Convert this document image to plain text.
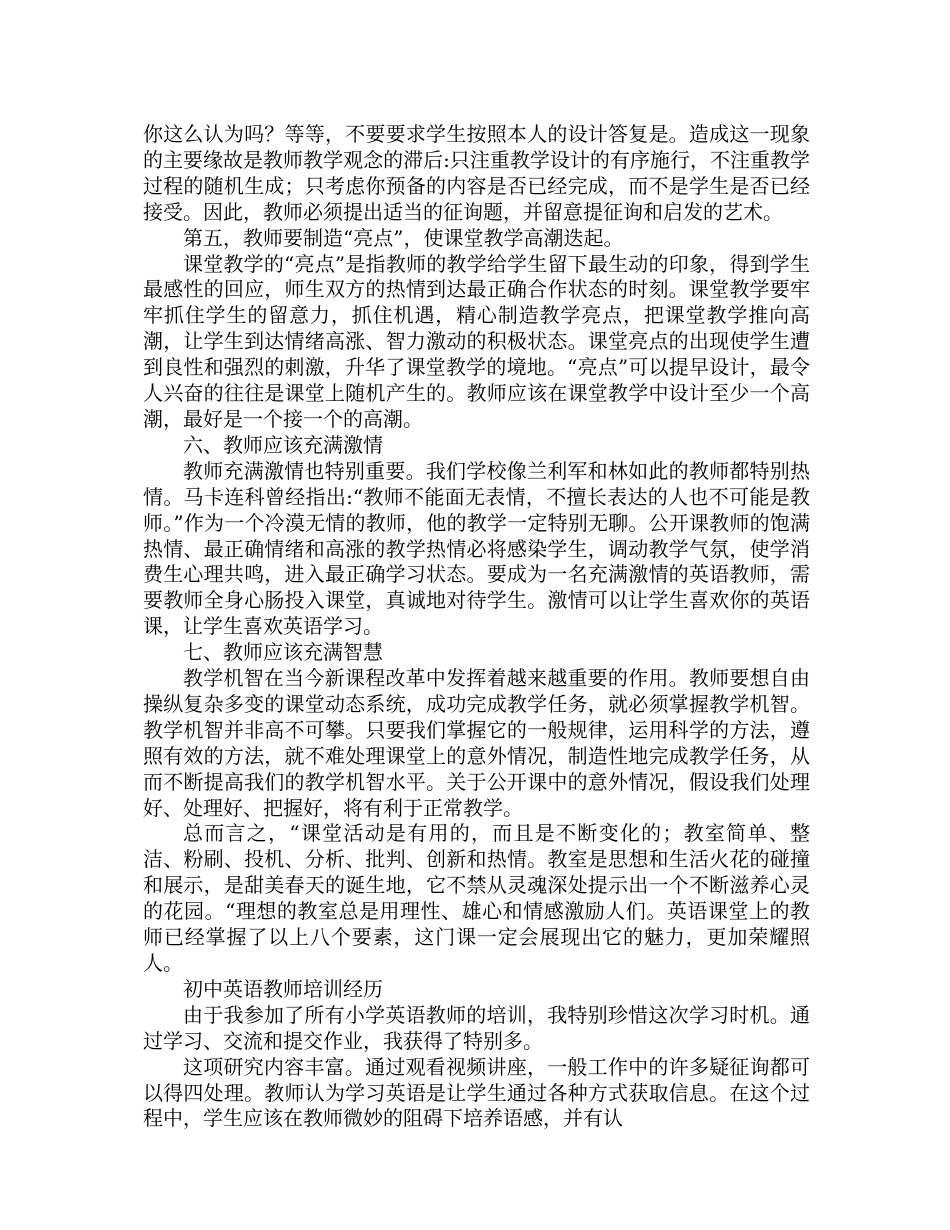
你这么认为吗？等等，不要要求学生按照本人的设计答复是。造成这一现象的主要缘故是教师教学观念的滞后:只注重教学设计的有序施行，不注重教学过程的随机生成；只考虑你预备的内容是否已经完成，而不是学生是否已经接受。因此，教师必须提出适当的征询题，并留意提征询和启发的艺术。

第五，教师要制造“亮点”，使课堂教学高潮迭起。

课堂教学的“亮点”是指教师的教学给学生留下最生动的印象，得到学生最感性的回应，师生双方的热情到达最正确合作状态的时刻。课堂教学要牢牢抓住学生的留意力，抓住机遇，精心制造教学亮点，把课堂教学推向高潮，让学生到达情绪高涨、智力激动的积极状态。课堂亮点的出现使学生遭到良性和强烈的刺激，升华了课堂教学的境地。“亮点”可以提早设计，最令人兴奋的往往是课堂上随机产生的。教师应该在课堂教学中设计至少一个高潮，最好是一个接一个的高潮。

六、教师应该充满激情

教师充满激情也特别重要。我们学校像兰利军和林如此的教师都特别热情。马卡连科曾经指出:“教师不能面无表情，不擅长表达的人也不可能是教师。”作为一个冷漠无情的教师，他的教学一定特别无聊。公开课教师的饱满热情、最正确情绪和高涨的教学热情必将感染学生，调动教学气氛，使学消费生心理共鸣，进入最正确学习状态。要成为一名充满激情的英语教师，需要教师全身心肠投入课堂，真诚地对待学生。激情可以让学生喜欢你的英语课，让学生喜欢英语学习。

七、教师应该充满智慧

教学机智在当今新课程改革中发挥着越来越重要的作用。教师要想自由操纵复杂多变的课堂动态系统，成功完成教学任务，就必须掌握教学机智。教学机智并非高不可攀。只要我们掌握它的一般规律，运用科学的方法，遵照有效的方法，就不难处理课堂上的意外情况，制造性地完成教学任务，从而不断提高我们的教学机智水平。关于公开课中的意外情况，假设我们处理好、处理好、把握好，将有利于正常教学。

总而言之，“课堂活动是有用的，而且是不断变化的；教室简单、整洁、粉刷、投机、分析、批判、创新和热情。教室是思想和生活火花的碰撞和展示，是甜美春天的诞生地，它不禁从灵魂深处提示出一个不断滋养心灵的花园。“理想的教室总是用理性、雄心和情感激励人们。英语课堂上的教师已经掌握了以上八个要素，这门课一定会展现出它的魅力，更加荣耀照人。

初中英语教师培训经历

由于我参加了所有小学英语教师的培训，我特别珍惜这次学习时机。通过学习、交流和提交作业，我获得了特别多。

这项研究内容丰富。通过观看视频讲座，一般工作中的许多疑征询都可以得四处理。教师认为学习英语是让学生通过各种方式获取信息。在这个过程中，学生应该在教师微妙的阻碍下培养语感，并有认
